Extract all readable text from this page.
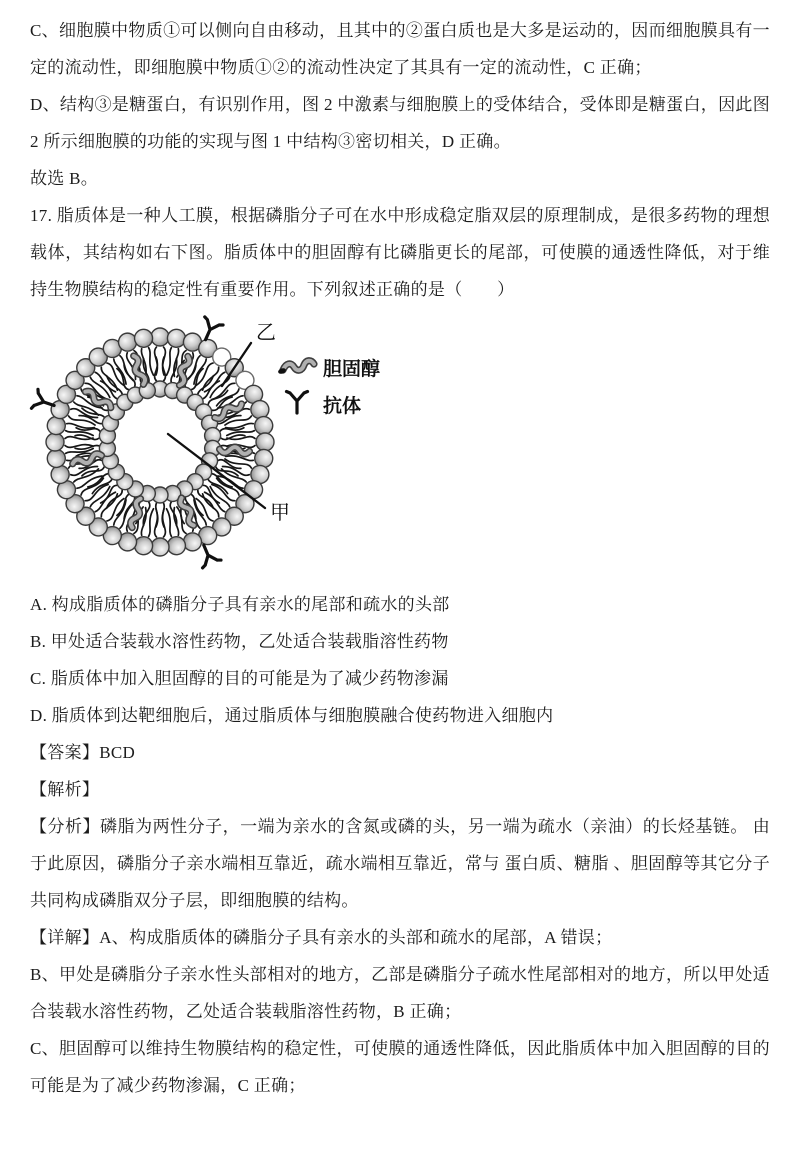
C、细胞膜中物质①可以侧向自由移动，且其中的②蛋白质也是大多是运动的，因而细胞膜具有一定的流动性，即细胞膜中物质①②的流动性决定了其具有一定的流动性，C 正确；

D、结构③是糖蛋白，有识别作用，图 2 中激素与细胞膜上的受体结合，受体即是糖蛋白，因此图 2 所示细胞膜的功能的实现与图 1 中结构③密切相关，D 正确。

故选 B。

17. 脂质体是一种人工膜，根据磷脂分子可在水中形成稳定脂双层的原理制成，是很多药物的理想载体，其结构如右下图。脂质体中的胆固醇有比磷脂更长的尾部，可使膜的通透性降低，对于维持生物膜结构的稳定性有重要作用。下列叙述正确的是（　　）

乙
甲
胆固醇
抗体

A. 构成脂质体的磷脂分子具有亲水的尾部和疏水的头部

B. 甲处适合装载水溶性药物，乙处适合装载脂溶性药物

C. 脂质体中加入胆固醇的目的可能是为了减少药物渗漏

D. 脂质体到达靶细胞后，通过脂质体与细胞膜融合使药物进入细胞内

【答案】BCD

【解析】

【分析】磷脂为两性分子，一端为亲水的含氮或磷的头，另一端为疏水（亲油）的长烃基链。 由于此原因，磷脂分子亲水端相互靠近，疏水端相互靠近，常与 蛋白质、糖脂 、胆固醇等其它分子共同构成磷脂双分子层，即细胞膜的结构。

【详解】A、构成脂质体的磷脂分子具有亲水的头部和疏水的尾部，A 错误；

B、甲处是磷脂分子亲水性头部相对的地方，乙部是磷脂分子疏水性尾部相对的地方，所以甲处适合装载水溶性药物，乙处适合装载脂溶性药物，B 正确；

C、胆固醇可以维持生物膜结构的稳定性，可使膜的通透性降低，因此脂质体中加入胆固醇的目的可能是为了减少药物渗漏，C 正确；
